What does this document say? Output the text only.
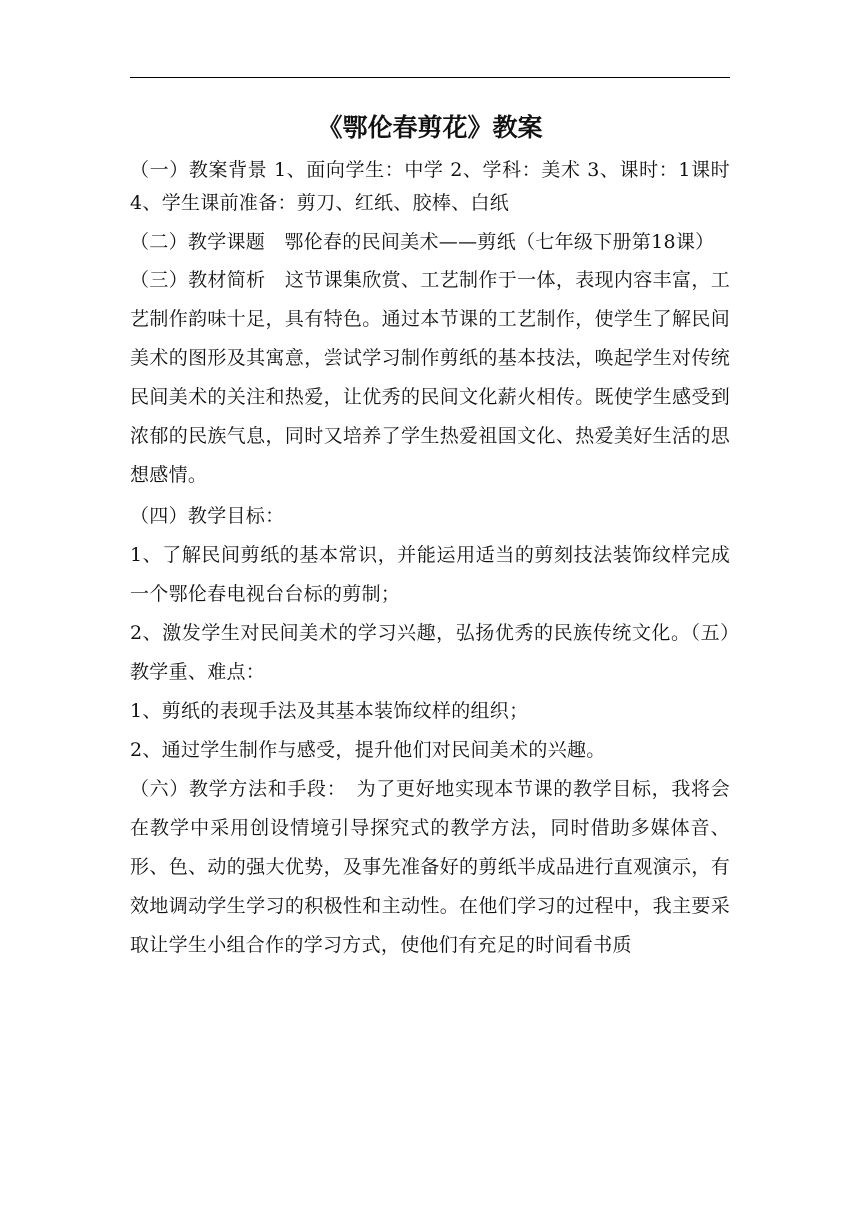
《鄂伦春剪花》教案

（一）教案背景 1、面向学生：中学 2、学科：美术 3、课时：1课时　4、学生课前准备：剪刀、红纸、胶棒、白纸

（二）教学课题　鄂伦春的民间美术——剪纸（七年级下册第18课）

（三）教材简析　这节课集欣赏、工艺制作于一体，表现内容丰富，工艺制作韵味十足，具有特色。通过本节课的工艺制作，使学生了解民间美术的图形及其寓意，尝试学习制作剪纸的基本技法，唤起学生对传统民间美术的关注和热爱，让优秀的民间文化薪火相传。既使学生感受到浓郁的民族气息，同时又培养了学生热爱祖国文化、热爱美好生活的思想感情。

（四）教学目标：

1、了解民间剪纸的基本常识，并能运用适当的剪刻技法装饰纹样完成一个鄂伦春电视台台标的剪制；

2、激发学生对民间美术的学习兴趣，弘扬优秀的民族传统文化。（五）教学重、难点：

1、剪纸的表现手法及其基本装饰纹样的组织；

2、通过学生制作与感受，提升他们对民间美术的兴趣。

（六）教学方法和手段：　为了更好地实现本节课的教学目标，我将会在教学中采用创设情境引导探究式的教学方法，同时借助多媒体音、形、色、动的强大优势，及事先准备好的剪纸半成品进行直观演示，有效地调动学生学习的积极性和主动性。在他们学习的过程中，我主要采取让学生小组合作的学习方式，使他们有充足的时间看书质
